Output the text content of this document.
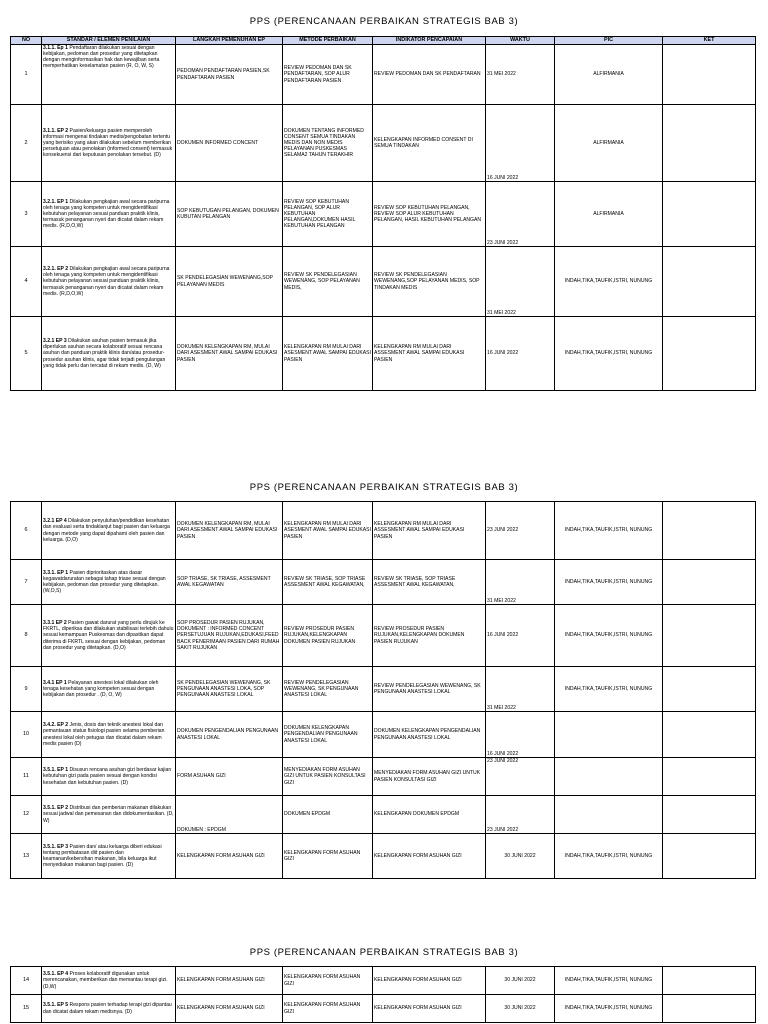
PPS (PERENCANAAN PERBAIKAN STRATEGIS BAB 3)
NO	STANDAR / ELEMEN PENILAIAN	LANGKAH PEMENUHAN EP	METODE PERBAIKAN	INDIKATOR PENCAPAIAN	WAKTU	PIC	KET
1	3.1.1. Ep 1 Pendaftaran dilakukan sesuai dengan kebijakan, pedoman dan prosedur yang ditetapkan dengan menginformasikan hak dan kewajiban serta memperhatikan keselamatan pasien (R, O, W, S)	PEDOMAN PENDAFTARAN PASIEN,SK PENDAFTARAN PASIEN	REVIEW PEDOMAN DAN SK PENDAFTARAN, SOP ALUR PENDAFTARAN PASIEN	REVIEW PEDOMAN DAN SK PENDAFTARAN	31 MEI 2022	ALFIRMANIA	
2	3.1.1. EP 2 Pasien/keluarga pasien memperoleh informasi mengenai tindakan medis/pengobatan tertentu yang berisiko yang akan dilakukan sebelum memberikan persetujuan atau penolakan (informed consent) termasuk konsekuensi dari keputusan penolakan tersebut. (D)	DOKUMEN INFORMED CONCENT	DOKUMEN TENTANG INFORMED CONSENT SEMUA TINDAKAN MEDIS DAN NON MEDIS PELAYANAN PUSKESMAS SELAMA2 TAHUN TERAKHIR	KELENGKAPAN INFORMED CONSENT DI SEMUA TINDAKAN	16 JUNI 2022	ALFIRMANIA	
3	3.2.1. EP 1 Dilakukan pengkajian awal secara paripurna oleh tenaga yang kompeten untuk mengidentifikasi kebutuhan pelayanan sesuai panduan praktik klinis, termasuk penanganan nyeri dan dicatat dalam rekam medis. (R,D,O,W)	SOP KEBUTUGAN PELANGAN, DOKUMEN KUBUTAN PELANGAN	REVIEW SOP KEBUTUHAN PELANGAN, SOP ALUR KEBUTUHAN PELANGAN,DOKUMEN HASIL KEBUTUHAN PELANGAN	REVIEW SOP KEBUTUHAN PELANGAN, REVIEW SOP ALUR KEBUTUHAN PELANGAN, HASIL KEBUTUHAN PELANGAN	23 JUNI 2022	ALFIRMANIA	
4	3.2.1. EP 2 Dilakukan pengkajian awal secara paripurna oleh tenaga yang kompeten untuk mengidentifikasi kebutuhan pelayanan sesuai panduan praktik klinis, termasuk penanganan nyeri dan dicatat dalam rekam medis. (R,D,O,W)	SK PENDELEGASIAN WEWENANG,SOP PELAYANAN MEDIS	REVIEW SK PENDELEGASIAN WEWENANG, SOP PELAYANAN MEDIS,	REVIEW SK PENDELEGASIAN WEWENANG,SOP PELAYANAN MEDIS, SOP TINDAKAN MEDIS	31 MEI 2022	INDAH,TIKA,TAUFIK,ISTRI, NUNUNG	
5	3.2.1 EP 3 Dilakukan asuhan pasien termasuk jika diperlukan asuhan secara kolaboratif sesuai rencana asuhan dan panduan praktik klinis dan/atau prosedur-prosedur asuhan klinis, agar tidak terjadi pengulangan yang tidak perlu dan tercatat di rekam medis. (D, W)	DOKUMEN KELENGKAPAN RM, MULAI DARI ASESMENT AWAL SAMPAI EDUKASI PASIEN	KELENGKAPAN RM MULAI DARI ASESMENT AWAL SAMPAI EDUKASI PASIEN	KELENGKAPAN RM MULAI DARI ASSESMENT AWAL SAMPAI EDUKASI PASIEN	16 JUNI 2022	INDAH,TIKA,TAUFIK,ISTRI, NUNUNG	
PPS (PERENCANAAN PERBAIKAN STRATEGIS BAB 3)
6	3.2.1 EP 4 Dilakukan penyuluhan/pendidikan kesehatan dan evaluasi serta tindaklanjut bagi pasien dan keluarga dengan metode yang dapat dipahami oleh pasien dan keluarga. (D,O)	DOKUMEN KELENGKAPAN RM, MULAI DARI ASESMENT AWAL SAMPAI EDUKASI PASIEN	KELENGKAPAN RM MULAI DARI ASESMENT AWAL SAMPAI EDUKASI PASIEN	KELENGKAPAN RM MULAI DARI ASSESMENT AWAL SAMPAI EDUKASI PASIEN	23 JUNI 2022	INDAH,TIKA,TAUFIK,ISTRI, NUNUNG	
7	3.3.1. EP 1 Pasien diprioritaskan atas dasar kegawatdaruratan sebagai tahap triase sesuai dengan kebijakan, pedoman dan prosedur yang ditetapkan. (W,O,S)	SOP TRIASE, SK TRIASE, ASSESMENT AWAL KEGAWATAN	REVIEW SK TRIASE, SOP TRIASE ASSESMENT AWAL KEGAWATAN,	REVIEW SK TRIASE, SOP TRIASE ASSESMENT AWAL KEGAWATAN,	31 MEI 2022	INDAH,TIKA,TAUFIK,ISTRI, NUNUNG	
8	3.3.1 EP 2 Pasien gawat darurat yang perlu dirujuk ke FKRTL, diperiksa dan dilakukan stabilisasi terlebih dahulu sesuai kemampuan Puskesmas dan dipastikan dapat diterima di FKRTL sesuai dengan kebijakan, pedoman dan prosedur yang ditetapkan. (D,O)	SOP PROSEDUR PASIEN RUJUKAN, DOKUMENT : INFORMED CONCENT PERSETUJUAN RUJUKAN,EDUKASI,FEED BACK PENERIMAAN PASIEN DARI RUMAH SAKIT RUJUKAN	REVIEW PROSEDUR PASIEN RUJUKAN,KELENGKAPAN DOKUMEN PASIEN RUJUKAN	REVIEW PROSEDUR PASIEN RUJUKAN,KELENGKAPAN DOKUMEN PASIEN RUJUKAN	16 JUNI 2022	INDAH,TIKA,TAUFIK,ISTRI, NUNUNG	
9	3.4.1 EP 1 Pelayanan anestesi lokal dilakukan oleh tenaga kesehatan yang kompeten sesuai dengan kebijakan dan prosedur . (D, O, W)	SK PENDELEGASIAN WEWENANG, SK PENGUNAAN ANASTESI LOKA, SOP PENGUNAAN ANASTESI LOKAL	REVIEW PENDELEGASIAN WEWENANG, SK PENGUNAAN ANASTESI LOKAL	REVIEW PENDELEGASIAN WEWENANG, SK PENGUNAAN ANASTESI LOKAL	31 MEI 2022	INDAH,TIKA,TAUFIK,ISTRI, NUNUNG	
10	3.4.2. EP 2 Jenis, dosis dan teknik anestesi lokal dan pemantauan status fisiologi pasien selama pemberian anestesi lokal oleh petugas dan dicatat dalam rekam medis pasien (D)	DOKUMEN PENGENDALIAN PENGUNAAN ANASTESI LOKAL	DOKUMEN KELENGKAPAN PENGENDALIAN PENGUNAAN ANASTESI LOKAL	DOKUMEN KELENGKAPAN PENGENDALIAN PENGUNAAN ANASTESI LOKAL	16 JUNI 2022		
11	3.5.1. EP 1 Disusun rencana asuhan gizi berdasar kajian kebutuhan gizi pada pasien sesuai dengan kondisi kesehatan dan kebutuhan pasien. (D)	FORM ASUHAN GIZI	MENYEDIAKAN FORM ASUHAN GIZI UNTUK PASIEN KONSULTASI GIZI	MENYEDIAKAN FORM ASUHAN GIZI UNTUK PASIEN KONSULTASI GIZI	23 JUNI 2022		
12	3.5.1. EP 2 Distribusi dan pemberian makanan dilakukan sesuai jadwal dan pemesanan dan didokumentasikan. (D, W)	DOKUMEN : EPDGM	DOKUMEN EPDGM	KELENGKAPAN DOKUMEN EPDGM	23 JUNI 2022		
13	3.5.1. EP 3 Pasien dan/ atau keluarga diberi edukasi tentang pembatasan diit pasien dan keamanan/kebersihan makanan, bila keluarga ikut menyediakan makanan bagi pasien. (D)	KELENGKAPAN FORM ASUHAN GIZI	KELENGKAPAN FORM ASUHAN GIZI	KELENGKAPAN FORM ASUHAN GIZI	30 JUNI 2022	INDAH,TIKA,TAUFIK,ISTRI, NUNUNG	
PPS (PERENCANAAN PERBAIKAN STRATEGIS BAB 3)
14	3.5.1. EP 4 Proses kolaboratif digunakan untuk merencanakan, memberikan dan memantau terapi gizi. (D,W)	KELENGKAPAN FORM ASUHAN GIZI	KELENGKAPAN FORM ASUHAN GIZI	KELENGKAPAN FORM ASUHAN GIZI	30 JUNI 2022	INDAH,TIKA,TAUFIK,ISTRI, NUNUNG	
15	3.5.1. EP 5 Respons pasien terhadap terapi gizi dipantau dan dicatat dalam rekam medisnya. (D)	KELENGKAPAN FORM ASUHAN GIZI	KELENGKAPAN FORM ASUHAN GIZI	KELENGKAPAN FORM ASUHAN GIZI	30 JUNI 2022	INDAH,TIKA,TAUFIK,ISTRI, NUNUNG	
